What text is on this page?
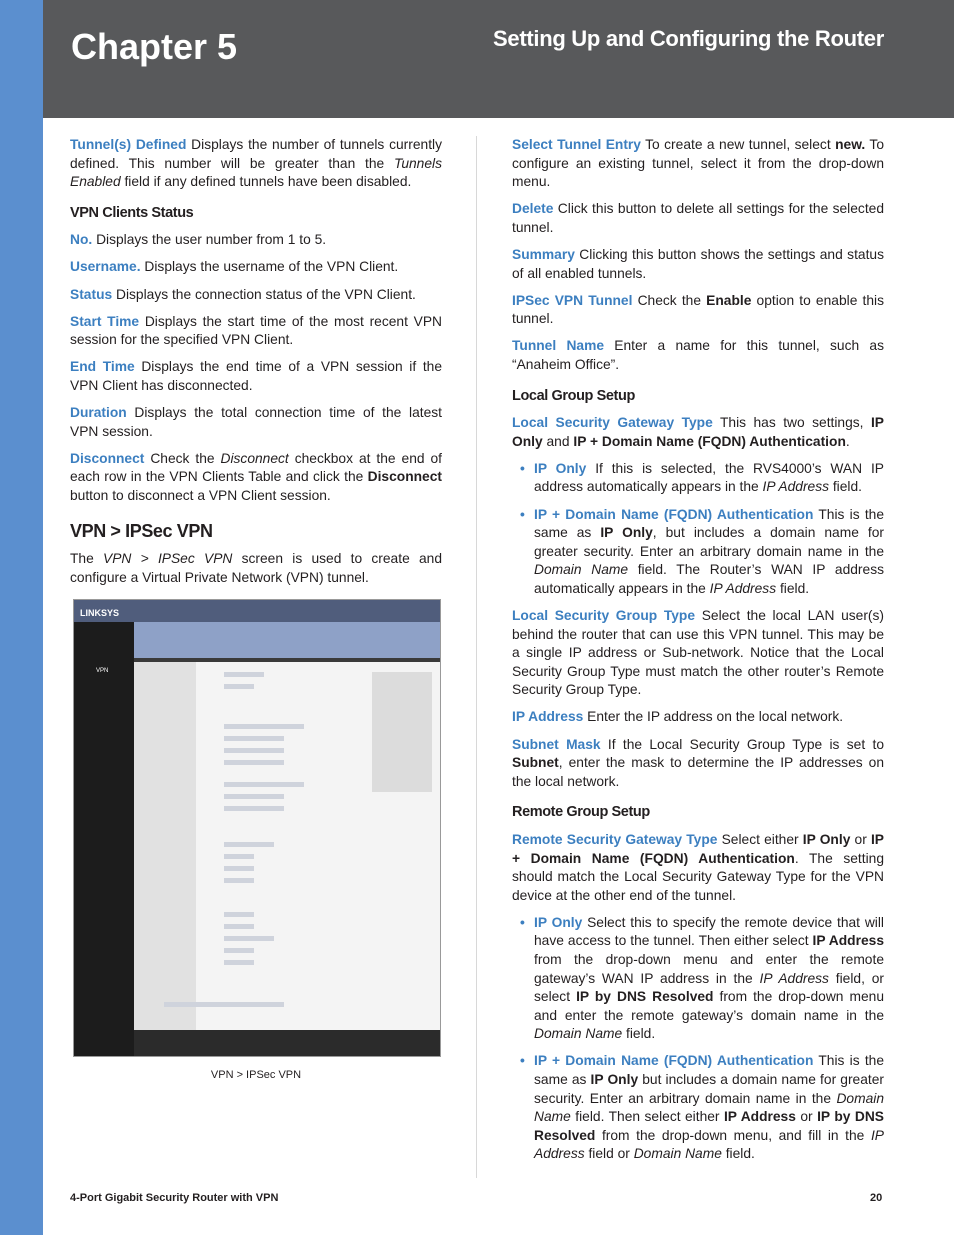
Chapter 5	Setting Up and Configuring the Router

Tunnel(s) Defined Displays the number of tunnels currently defined. This number will be greater than the Tunnels Enabled field if any defined tunnels have been disabled.

VPN Clients Status

No. Displays the user number from 1 to 5.

Username. Displays the username of the VPN Client.

Status Displays the connection status of the VPN Client.

Start Time Displays the start time of the most recent VPN session for the specified VPN Client.

End Time Displays the end time of a VPN session if the VPN Client has disconnected.

Duration Displays the total connection time of the latest VPN session.

Disconnect Check the Disconnect checkbox at the end of each row in the VPN Clients Table and click the Disconnect button to disconnect a VPN Client session.

VPN > IPSec VPN

The VPN > IPSec VPN screen is used to create and configure a Virtual Private Network (VPN) tunnel.

LINKSYS
VPN
VPN > IPSec VPN

Select Tunnel Entry To create a new tunnel, select new. To configure an existing tunnel, select it from the drop-down menu.

Delete Click this button to delete all settings for the selected tunnel.

Summary Clicking this button shows the settings and status of all enabled tunnels.

IPSec VPN Tunnel Check the Enable option to enable this tunnel.

Tunnel Name Enter a name for this tunnel, such as “Anaheim Office”.

Local Group Setup

Local Security Gateway Type This has two settings, IP Only and IP + Domain Name (FQDN) Authentication.

• IP Only If this is selected, the RVS4000’s WAN IP address automatically appears in the IP Address field.
• IP + Domain Name (FQDN) Authentication This is the same as IP Only, but includes a domain name for greater security. Enter an arbitrary domain name in the Domain Name field. The Router’s WAN IP address automatically appears in the IP Address field.

Local Security Group Type Select the local LAN user(s) behind the router that can use this VPN tunnel. This may be a single IP address or Sub-network. Notice that the Local Security Group Type must match the other router’s Remote Security Group Type.

IP Address Enter the IP address on the local network.

Subnet Mask If the Local Security Group Type is set to Subnet, enter the mask to determine the IP addresses on the local network.

Remote Group Setup

Remote Security Gateway Type Select either IP Only or IP + Domain Name (FQDN) Authentication. The setting should match the Local Security Gateway Type for the VPN device at the other end of the tunnel.

• IP Only Select this to specify the remote device that will have access to the tunnel. Then either select IP Address from the drop-down menu and enter the remote gateway’s WAN IP address in the IP Address field, or select IP by DNS Resolved from the drop-down menu and enter the remote gateway’s domain name in the Domain Name field.
• IP + Domain Name (FQDN) Authentication This is the same as IP Only but includes a domain name for greater security. Enter an arbitrary domain name in the Domain Name field. Then select either IP Address or IP by DNS Resolved from the drop-down menu, and fill in the IP Address field or Domain Name field.
4-Port Gigabit Security Router with VPN	20
